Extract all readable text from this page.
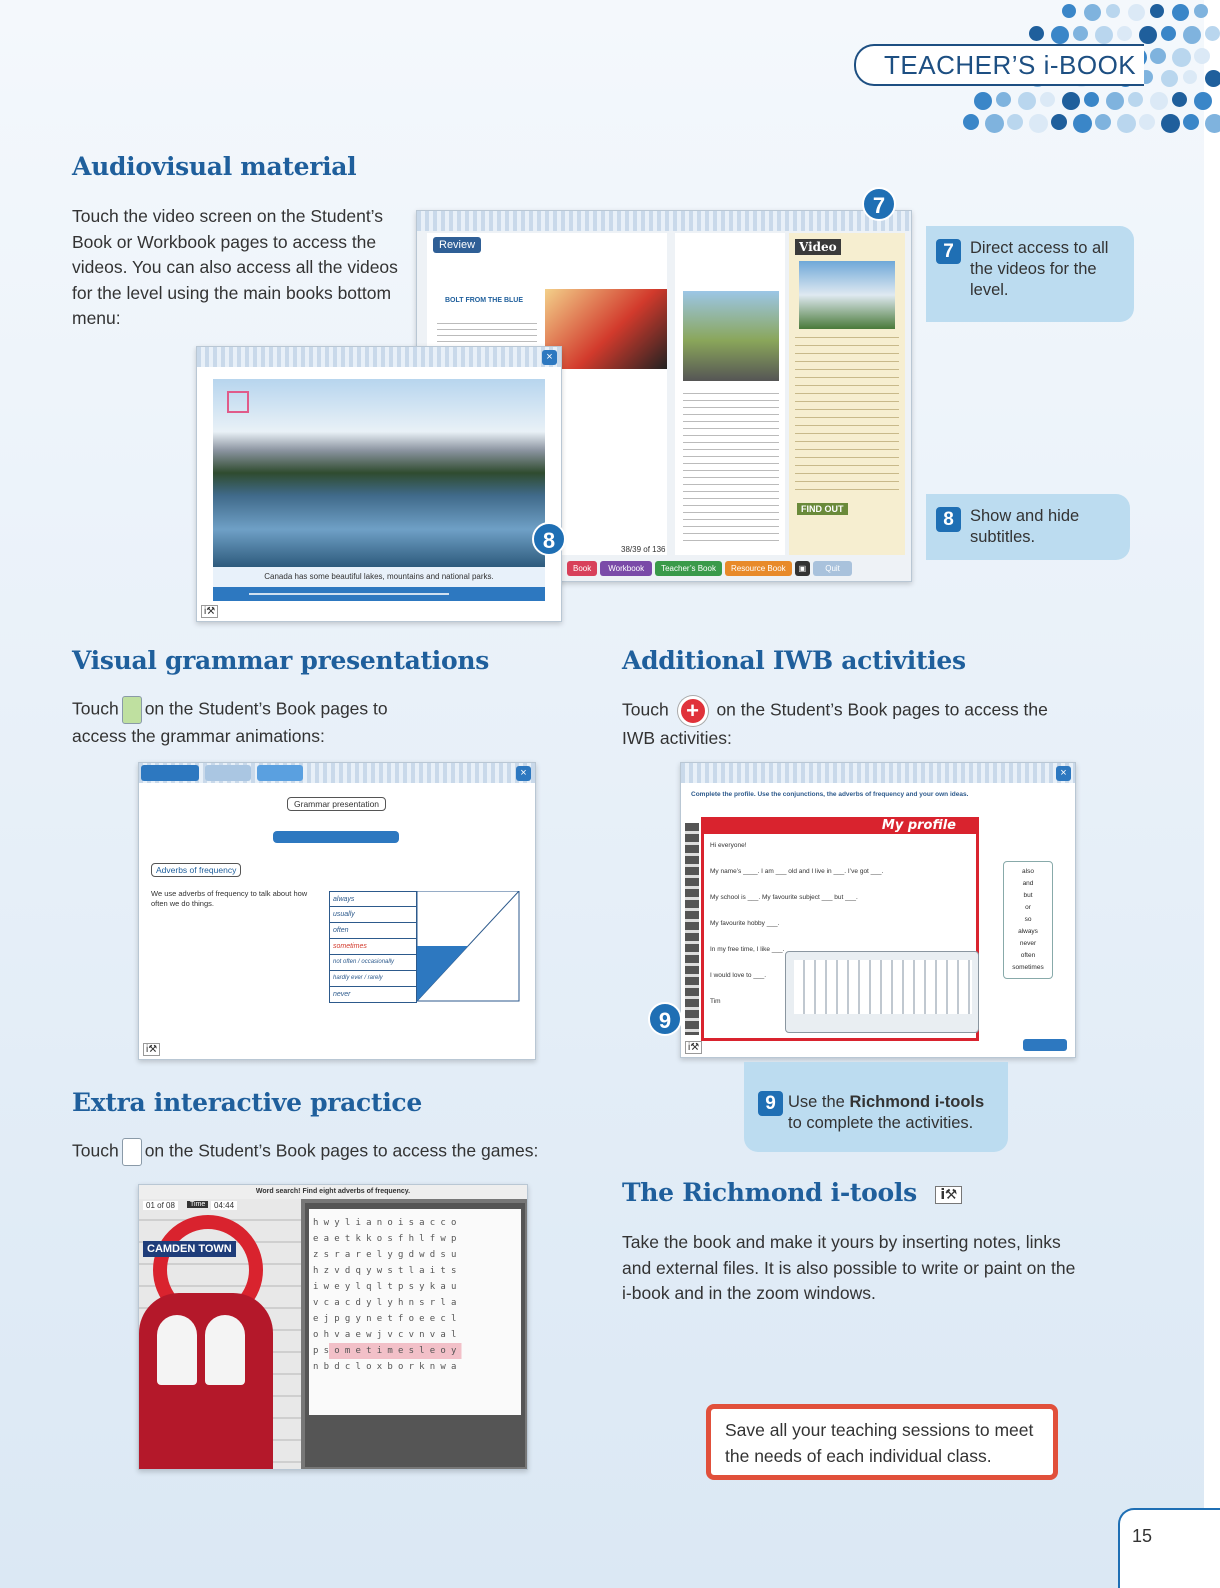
TEACHER’S i-BOOK
Audiovisual material
Touch the video screen on the Student’s Book or Workbook pages to access the videos. You can also access all the videos for the level using the main books bottom menu:
Review
BOLT FROM THE BLUE
Video
FIND OUT
38/39 of 136
Book	Workbook	Teacher’s Book	Resource Book	▣	Quit
7
×
Canada has some beautiful lakes, mountains and national parks.
i⚒
8
7 Direct access to all the videos for the level.
8 Show and hide subtitles.
Visual grammar presentations
Touch on the Student’s Book pages to access the grammar animations:
×
Grammar presentation
Adverbs of frequency
We use adverbs of frequency to talk about how often we do things.	always
usually
often
sometimes
not often / occasionally
hardly ever / rarely
never
i⚒
Additional IWB activities
Touch + on the Student’s Book pages to access the IWB activities:
×
Complete the profile. Use the conjunctions, the adverbs of frequency and your own ideas.
My profile
Hi everyone!
My name’s ____. I am ___ old and I live in ___. I’ve got ___.
My school is ___. My favourite subject ___ but ___.
My favourite hobby ___.
In my free time, I like ___.
I would love to ___.
Tim
also
and
but
or
so
always
never
often
sometimes
i⚒
9
9 Use the Richmond i-tools to complete the activities.
Extra interactive practice
Touch on the Student’s Book pages to access the games:
Word search! Find eight adverbs of frequency.
01 of 08	Time	04:44
CAMDEN TOWN
hwylianoisacco
eaetkkosfhlfwp
zsrarelygdwdsu
hzvdqywstlaits
iweylqltpsykau
vcacdylyhnsrla
ejpgynetfoeecl
ohvaewjvcvnval
psometimesleoy
nbdcloxborknwa
The Richmond i-tools i⚒
Take the book and make it yours by inserting notes, links and external files. It is also possible to write or paint on the i-book and in the zoom windows.
Save all your teaching sessions to meet the needs of each individual class.
15
